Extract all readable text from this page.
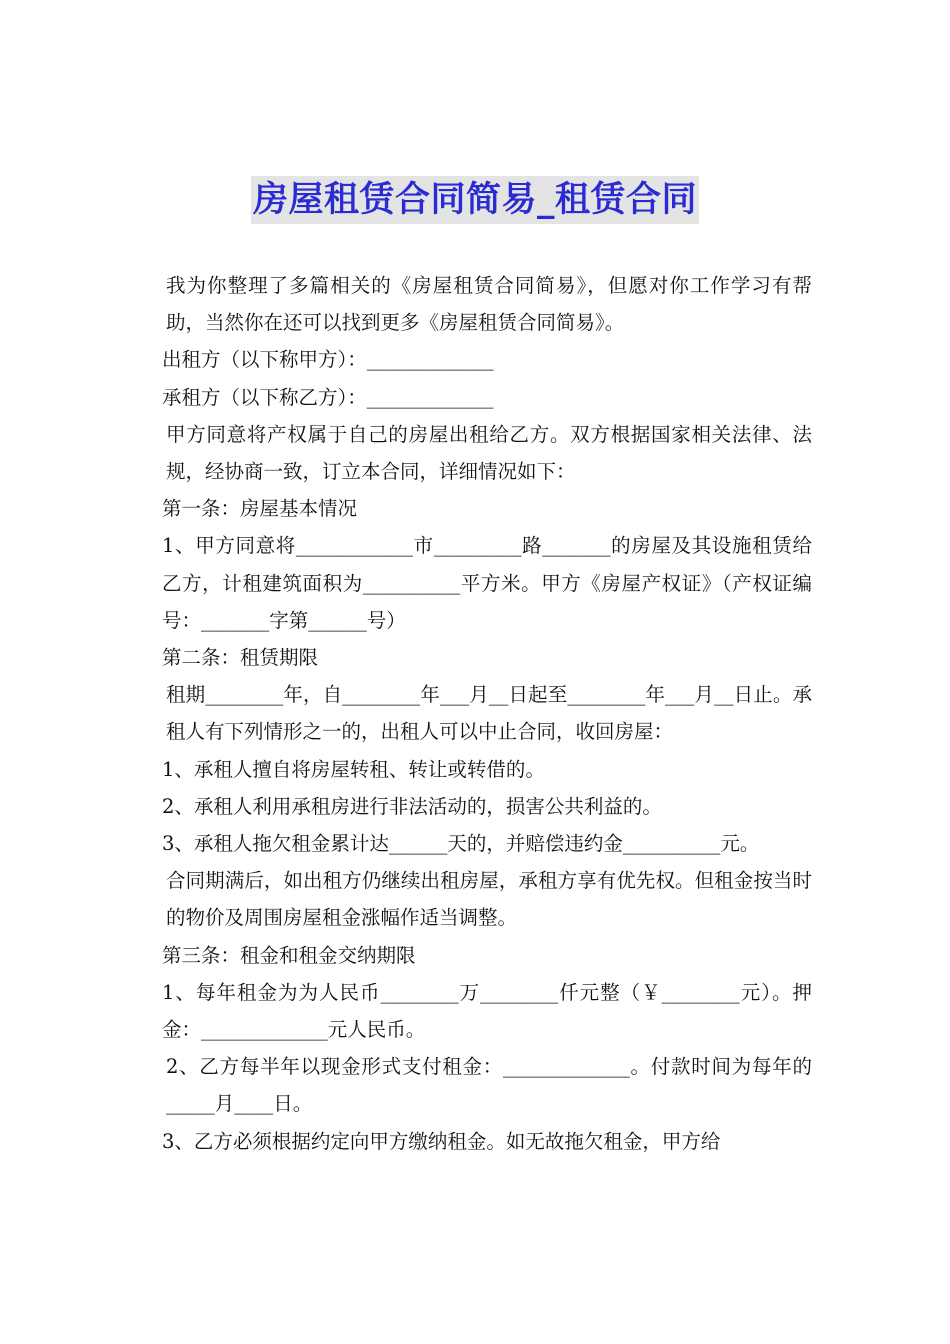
房屋租赁合同简易_租赁合同

我为你整理了多篇相关的《房屋租赁合同简易》，但愿对你工作学习有帮助，当然你在还可以找到更多《房屋租赁合同简易》。

出租方（以下称甲方）：_____________

承租方（以下称乙方）：_____________

甲方同意将产权属于自己的房屋出租给乙方。双方根据国家相关法律、法规，经协商一致，订立本合同，详细情况如下：

第一条：房屋基本情况

1、甲方同意将____________市_________路_______的房屋及其设施租赁给乙方，计租建筑面积为__________平方米。甲方《房屋产权证》（产权证编号：_______字第______号）

第二条：租赁期限

租期________年，自________年___月__日起至________年___月__日止。承租人有下列情形之一的，出租人可以中止合同，收回房屋：

1、承租人擅自将房屋转租、转让或转借的。

2、承租人利用承租房进行非法活动的，损害公共利益的。

3、承租人拖欠租金累计达______天的，并赔偿违约金__________元。

合同期满后，如出租方仍继续出租房屋，承租方享有优先权。但租金按当时的物价及周围房屋租金涨幅作适当调整。

第三条：租金和租金交纳期限

1、每年租金为为人民币________万________仟元整（￥________元）。押金：_____________元人民币。

2、乙方每半年以现金形式支付租金：_____________。付款时间为每年的_____月____日。

3、乙方必须根据约定向甲方缴纳租金。如无故拖欠租金，甲方给
